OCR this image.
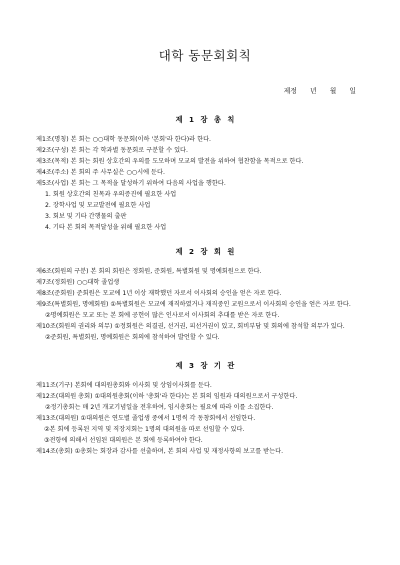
대학 동문회회칙
제정 년 월 일
제 1 장 총 칙

제1조(명칭) 본 회는 ○○대학 동문회(이하 '본회'라 한다)라 한다.

제2조(구성) 본 회는 각 학과별 동문회로 구분할 수 있다.

제3조(목적) 본 회는 회원 상호간의 우의를 도모하며 모교의 발전을 위하여 협찬함을 목적으로 한다.

제4조(주소) 본 회의 주 사무실은 ○○시에 둔다.

제5조(사업) 본 회는 그 목적을 달성하기 위하여 다음의 사업을 행한다.

1. 회원 상호간의 친목과 우의증진에 필요한 사업

2. 장학사업 및 모교발전에 필요한 사업

3. 회보 및 기타 간행물의 출판

4. 기타 본 회의 목적달성을 위해 필요한 사업

제 2 장 회 원

제6조(회원의 구분) 본 회의 회원은 정회원, 준회원, 특별회원 및 명예회원으로 한다.

제7조(정회원) ○○대학 졸업생

제8조(준회원) 준회원은 모교에 1년 이상 재학했던 자로서 이사회의 승인을 얻은 자로 한다.

제9조(특별회원, 명예회원) ①특별회원은 모교에 재직하였거나 재직중인 교원으로서 이사회의 승인을 얻은 자로 한다.

②명예회원은 모교 또는 본 회에 공헌이 많은 인사로서 이사회의 추대를 받은 자로 한다.

제10조(회원의 권리와 의무) ①정회원은 의결권, 선거권, 피선거권이 있고, 회비부담 및 회의에 참석할 의무가 있다.

②준회원, 특별회원, 명예회원은 회의에 참석하여 발언할 수 있다.

제 3 장 기 관

제11조(기구) 본회에 대의원총회와 이사회 및 상임이사회를 둔다.

제12조(대의원 총회) ①대의원총회(이하 '총회'라 한다)는 본 회의 임원과 대의원으로서 구성한다.

②정기총회는 매 2년 개교기념일을 전후하여, 임시총회는 필요에 따라 이를 소집한다.

제13조(대의원) ①대의원은 연도별 졸업생 중에서 1명씩 각 동창회에서 선임한다.

②본 회에 등록된 지역 및 직장지회는 1명의 대의원을 따로 선임할 수 있다.

③전항에 의해서 선임된 대의원은 본 회에 등록하여야 한다.

제14조(총회) ①총회는 회장과 감사를 선출하며, 본 회의 사업 및 재정사항의 보고를 받는다.
